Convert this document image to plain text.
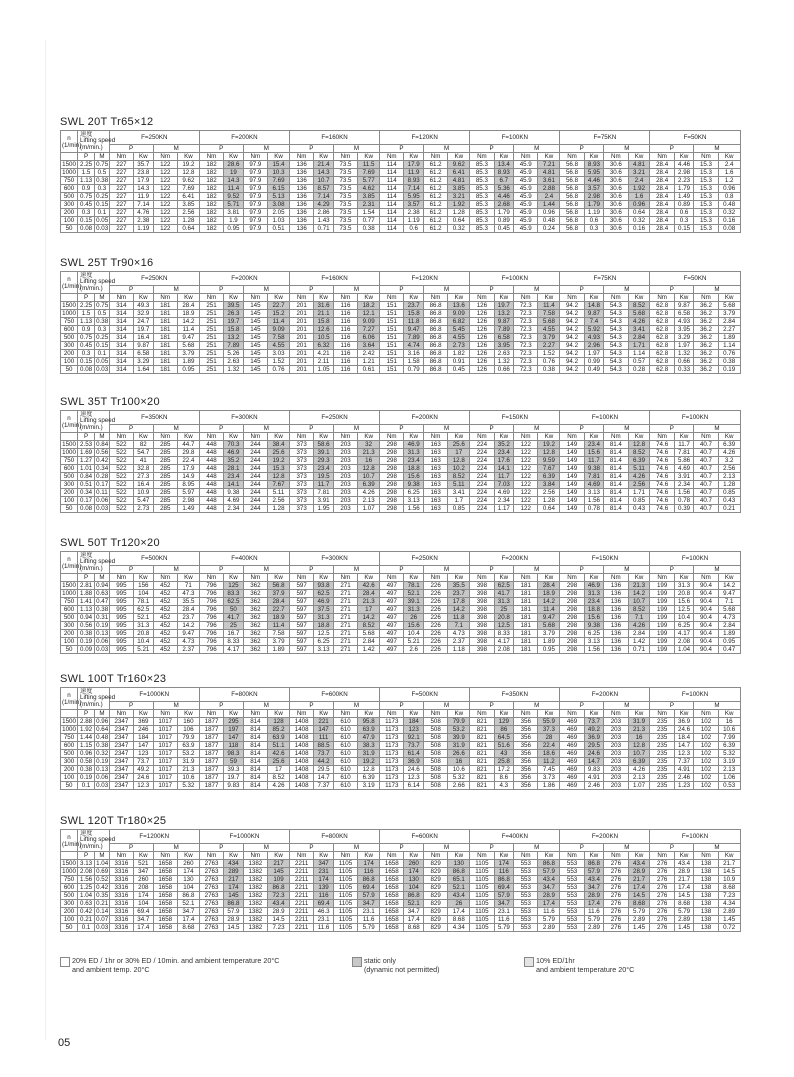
SWL 20T Tr65×12
n
(1/min)	速度
Lifting speed
(m/min.)		F=250KN				F=200KN				F=160KN				F=120KN				F=100KN				F=75KN				F=50KN			
			P		M		P		M		P		M		P		M		P		M		P		M		P		M	
	P	M	Nm	Kw	Nm	Kw	Nm	Kw	Nm	Kw	Nm	Kw	Nm	Kw	Nm	Kw	Nm	Kw	Nm	Kw	Nm	Kw	Nm	Kw	Nm	Kw	Nm	Kw	Nm	Kw
1500	2.25	0.75	227	35.7	122	19.2	182	28.6	97.9	15.4	136	21.4	73.5	11.5	114	17.9	61.2	9.62	85.3	13.4	45.9	7.21	56.8	8.93	30.6	4.81	28.4	4.46	15.3	2.4
1000	1.5	0.5	227	23.8	122	12.8	182	19	97.9	10.3	136	14.3	73.5	7.69	114	11.9	61.2	6.41	85.3	8.93	45.9	4.81	56.8	5.95	30.6	3.21	28.4	2.98	15.3	1.6
750	1.13	0.38	227	17.9	122	9.62	182	14.3	97.9	7.69	136	10.7	73.5	5.77	114	8.93	61.2	4.81	85.3	6.7	45.9	3.61	56.8	4.46	30.6	2.4	28.4	2.23	15.3	1.2
600	0.9	0.3	227	14.3	122	7.69	182	11.4	97.9	6.15	136	8.57	73.5	4.62	114	7.14	61.2	3.85	85.3	5.36	45.9	2.88	56.8	3.57	30.6	1.92	28.4	1.79	15.3	0.96
500	0.75	0.25	227	11.9	122	6.41	182	9.52	97.9	5.13	136	7.14	73.5	3.85	114	5.95	61.2	3.21	85.3	4.46	45.9	2.4	56.8	2.98	30.6	1.6	28.4	1.49	15.3	0.8
300	0.45	0.15	227	7.14	122	3.85	182	5.71	97.9	3.08	136	4.29	73.5	2.31	114	3.57	61.2	1.92	85.3	2.68	45.9	1.44	56.8	1.79	30.6	0.96	28.4	0.89	15.3	0.48
200	0.3	0.1	227	4.76	122	2.56	182	3.81	97.9	2.05	136	2.86	73.5	1.54	114	2.38	61.2	1.28	85.3	1.79	45.9	0.96	56.8	1.19	30.6	0.64	28.4	0.6	15.3	0.32
100	0.15	0.05	227	2.38	122	1.28	182	1.9	97.9	1.03	136	1.43	73.5	0.77	114	1.19	61.2	0.64	85.3	0.89	45.9	0.48	56.8	0.6	30.6	0.32	28.4	0.3	15.3	0.16
50	0.08	0.03	227	1.19	122	0.64	182	0.95	97.9	0.51	136	0.71	73.5	0.38	114	0.6	61.2	0.32	85.3	0.45	45.9	0.24	56.8	0.3	30.6	0.16	28.4	0.15	15.3	0.08
SWL 25T Tr90×16
n
(1/min)	速度
Lifting speed
(m/min.)		F=250KN				F=200KN				F=160KN				F=120KN				F=100KN				F=75KN				F=50KN			
			P		M		P		M		P		M		P		M		P		M		P		M		P		M	
	P	M	Nm	Kw	Nm	Kw	Nm	Kw	Nm	Kw	Nm	Kw	Nm	Kw	Nm	Kw	Nm	Kw	Nm	Kw	Nm	Kw	Nm	Kw	Nm	Kw	Nm	Kw	Nm	Kw
1500	2.25	0.75	314	49.3	181	28.4	251	39.5	145	22.7	201	31.6	116	18.2	151	23.7	86.8	13.6	126	19.7	72.3	11.4	94.2	14.8	54.3	8.52	62.8	9.87	36.2	5.68
1000	1.5	0.5	314	32.9	181	18.9	251	26.3	145	15.2	201	21.1	116	12.1	151	15.8	86.8	9.09	126	13.2	72.3	7.58	94.2	9.87	54.3	5.68	62.8	6.58	36.2	3.79
750	1.13	0.38	314	24.7	181	14.2	251	19.7	145	11.4	201	15.8	116	9.09	151	11.8	86.8	6.82	126	9.87	72.3	5.68	94.2	7.4	54.3	4.26	62.8	4.93	36.2	2.84
600	0.9	0.3	314	19.7	181	11.4	251	15.8	145	9.09	201	12.6	116	7.27	151	9.47	86.8	5.45	126	7.89	72.3	4.55	94.2	5.92	54.3	3.41	62.8	3.95	36.2	2.27
500	0.75	0.25	314	16.4	181	9.47	251	13.2	145	7.58	201	10.5	116	6.06	151	7.89	86.8	4.55	126	6.58	72.3	3.79	94.2	4.93	54.3	2.84	62.8	3.29	36.2	1.89
300	0.45	0.15	314	9.87	181	5.68	251	7.89	145	4.55	201	6.32	116	3.64	151	4.74	86.8	2.73	126	3.95	72.3	2.27	94.2	2.96	54.3	1.71	62.8	1.97	36.2	1.14
200	0.3	0.1	314	6.58	181	3.79	251	5.26	145	3.03	201	4.21	116	2.42	151	3.16	86.8	1.82	126	2.63	72.3	1.52	94.2	1.97	54.3	1.14	62.8	1.32	36.2	0.76
100	0.15	0.05	314	3.29	181	1.89	251	2.63	145	1.52	201	2.11	116	1.21	151	1.58	86.8	0.91	126	1.32	72.3	0.76	94.2	0.99	54.3	0.57	62.8	0.66	36.2	0.38
50	0.08	0.03	314	1.64	181	0.95	251	1.32	145	0.76	201	1.05	116	0.61	151	0.79	86.8	0.45	126	0.66	72.3	0.38	94.2	0.49	54.3	0.28	62.8	0.33	36.2	0.19
SWL 35T Tr100×20
n
(1/min)	速度
Lifting speed
(m/min.)		F=350KN				F=300KN				F=250KN				F=200KN				F=150KN				F=100KN				F=100KN			
			P		M		P		M		P		M		P		M		P		M		P		M		P		M	
	P	M	Nm	Kw	Nm	Kw	Nm	Kw	Nm	Kw	Nm	Kw	Nm	Kw	Nm	Kw	Nm	Kw	Nm	Kw	Nm	Kw	Nm	Kw	Nm	Kw	Nm	Kw	Nm	Kw
1500	2.53	0.84	522	82	285	44.7	448	70.3	244	38.4	373	58.6	203	32	298	46.9	163	25.6	224	35.2	122	19.2	149	23.4	81.4	12.8	74.6	11.7	40.7	6.39
1000	1.69	0.56	522	54.7	285	29.8	448	46.9	244	25.6	373	39.1	203	21.3	298	31.3	163	17	224	23.4	122	12.8	149	15.6	81.4	8.52	74.6	7.81	40.7	4.26
750	1.27	0.42	522	41	285	22.4	448	35.2	244	19.2	373	29.3	203	16	298	23.4	163	12.8	224	17.6	122	9.59	149	11.7	81.4	6.39	74.6	5.86	40.7	3.2
600	1.01	0.34	522	32.8	285	17.9	448	28.1	244	15.3	373	23.4	203	12.8	298	18.8	163	10.2	224	14.1	122	7.67	149	9.38	81.4	5.11	74.6	4.69	40.7	2.56
500	0.84	0.28	522	27.3	285	14.9	448	23.4	244	12.8	373	19.5	203	10.7	298	15.6	163	8.52	224	11.7	122	6.39	149	7.81	81.4	4.26	74.6	3.91	40.7	2.13
300	0.51	0.17	522	16.4	285	8.95	448	14.1	244	7.67	373	11.7	203	6.39	298	9.38	163	5.11	224	7.03	122	3.84	149	4.69	81.4	2.56	74.6	2.34	40.7	1.28
200	0.34	0.11	522	10.9	285	5.97	448	9.38	244	5.11	373	7.81	203	4.26	298	6.25	163	3.41	224	4.69	122	2.56	149	3.13	81.4	1.71	74.6	1.56	40.7	0.85
100	0.17	0.06	522	5.47	285	2.98	448	4.69	244	2.56	373	3.91	203	2.13	298	3.13	163	1.7	224	2.34	122	1.28	149	1.56	81.4	0.85	74.6	0.78	40.7	0.43
50	0.08	0.03	522	2.73	285	1.49	448	2.34	244	1.28	373	1.95	203	1.07	298	1.56	163	0.85	224	1.17	122	0.64	149	0.78	81.4	0.43	74.6	0.39	40.7	0.21
SWL 50T Tr120×20
n
(1/min)	速度
Lifting speed
(m/min.)		F=500KN				F=400KN				F=300KN				F=250KN				F=200KN				F=150KN				F=100KN			
			P		M		P		M		P		M		P		M		P		M		P		M		P		M	
	P	M	Nm	Kw	Nm	Kw	Nm	Kw	Nm	Kw	Nm	Kw	Nm	Kw	Nm	Kw	Nm	Kw	Nm	Kw	Nm	Kw	Nm	Kw	Nm	Kw	Nm	Kw	Nm	Kw
1500	2.81	0.94	995	156	452	71	796	125	362	56.8	597	93.8	271	42.6	497	78.1	226	35.5	398	62.5	181	28.4	298	46.9	136	21.3	199	31.3	90.4	14.2
1000	1.88	0.63	995	104	452	47.3	796	83.3	362	37.9	597	62.5	271	28.4	497	52.1	226	23.7	398	41.7	181	18.9	298	31.3	136	14.2	199	20.8	90.4	9.47
750	1.41	0.47	995	78.1	452	35.5	796	62.5	362	28.4	597	46.9	271	21.3	497	39.1	226	17.8	398	31.3	181	14.2	298	23.4	136	10.7	199	15.6	90.4	7.1
600	1.13	0.38	995	62.5	452	28.4	796	50	362	22.7	597	37.5	271	17	497	31.3	226	14.2	398	25	181	11.4	298	18.8	136	8.52	199	12.5	90.4	5.68
500	0.94	0.31	995	52.1	452	23.7	796	41.7	362	18.9	597	31.3	271	14.2	497	26	226	11.8	398	20.8	181	9.47	298	15.6	136	7.1	199	10.4	90.4	4.73
300	0.56	0.19	995	31.3	452	14.2	796	25	362	11.4	597	18.8	271	8.52	497	15.6	226	7.1	398	12.5	181	5.68	298	9.38	136	4.26	199	6.25	90.4	2.84
200	0.38	0.13	995	20.8	452	9.47	796	16.7	362	7.58	597	12.5	271	5.68	497	10.4	226	4.73	398	8.33	181	3.79	298	6.25	136	2.84	199	4.17	90.4	1.89
100	0.19	0.06	995	10.4	452	4.73	796	8.33	362	3.79	597	6.25	271	2.84	497	5.21	226	2.37	398	4.17	181	1.89	298	3.13	136	1.42	199	2.08	90.4	0.95
50	0.09	0.03	995	5.21	452	2.37	796	4.17	362	1.89	597	3.13	271	1.42	497	2.6	226	1.18	398	2.08	181	0.95	298	1.56	136	0.71	199	1.04	90.4	0.47
SWL 100T Tr160×23
n
(1/min)	速度
Lifting speed
(m/min.)		F=1000KN				F=800KN				F=600KN				F=500KN				F=350KN				F=200KN				F=100KN			
			P		M		P		M		P		M		P		M		P		M		P		M		P		M	
	P	M	Nm	Kw	Nm	Kw	Nm	Kw	Nm	Kw	Nm	Kw	Nm	Kw	Nm	Kw	Nm	Kw	Nm	Kw	Nm	Kw	Nm	Kw	Nm	Kw	Nm	Kw	Nm	Kw
1500	2.88	0.96	2347	369	1017	160	1877	295	814	128	1408	221	610	95.8	1173	184	508	79.9	821	129	356	55.9	469	73.7	203	31.9	235	36.9	102	16
1000	1.92	0.64	2347	246	1017	106	1877	197	814	85.2	1408	147	610	63.9	1173	123	508	53.2	821	86	356	37.3	469	49.2	203	21.3	235	24.6	102	10.6
750	1.44	0.48	2347	184	1017	79.9	1877	147	814	63.9	1408	111	610	47.9	1173	92.1	508	39.9	821	64.5	356	28	469	36.9	203	16	235	18.4	102	7.99
600	1.15	0.38	2347	147	1017	63.9	1877	118	814	51.1	1408	88.5	610	38.3	1173	73.7	508	31.9	821	51.6	356	22.4	469	29.5	203	12.8	235	14.7	102	6.39
500	0.96	0.32	2347	123	1017	53.2	1877	98.3	814	42.6	1408	73.7	610	31.9	1173	61.4	508	26.6	821	43	356	18.6	469	24.6	203	10.7	235	12.3	102	5.32
300	0.58	0.19	2347	73.7	1017	31.9	1877	59	814	25.6	1408	44.2	610	19.2	1173	36.9	508	16	821	25.8	356	11.2	469	14.7	203	6.39	235	7.37	102	3.19
200	0.38	0.13	2347	49.2	1017	21.3	1877	39.3	814	17	1408	29.5	610	12.8	1173	24.6	508	10.6	821	17.2	356	7.45	469	9.83	203	4.26	235	4.91	102	2.13
100	0.19	0.06	2347	24.6	1017	10.6	1877	19.7	814	8.52	1408	14.7	610	6.39	1173	12.3	508	5.32	821	8.6	356	3.73	469	4.91	203	2.13	235	2.46	102	1.06
50	0.1	0.03	2347	12.3	1017	5.32	1877	9.83	814	4.26	1408	7.37	610	3.19	1173	6.14	508	2.66	821	4.3	356	1.86	469	2.46	203	1.07	235	1.23	102	0.53
SWL 120T Tr180×25
n
(1/min)	速度
Lifting speed
(m/min.)		F=1200KN				F=1000KN				F=800KN				F=600KN				F=400KN				F=200KN				F=100KN			
			P		M		P		M		P		M		P		M		P		M		P		M		P		M	
	P	M	Nm	Kw	Nm	Kw	Nm	Kw	Nm	Kw	Nm	Kw	Nm	Kw	Nm	Kw	Nm	Kw	Nm	Kw	Nm	Kw	Nm	Kw	Nm	Kw	Nm	Kw	Nm	Kw
1500	3.13	1.04	3316	521	1658	260	2763	434	1382	217	2211	347	1105	174	1658	260	829	130	1105	174	553	86.8	553	86.8	276	43.4	276	43.4	138	21.7
1000	2.08	0.69	3316	347	1658	174	2763	289	1382	145	2211	231	1105	116	1658	174	829	86.8	1105	116	553	57.9	553	57.9	276	28.9	276	28.9	138	14.5
750	1.56	0.52	3316	260	1658	130	2763	217	1382	109	2211	174	1105	86.8	1658	130	829	65.1	1105	86.8	553	43.4	553	43.4	276	21.7	276	21.7	138	10.9
600	1.25	0.42	3316	208	1658	104	2763	174	1382	86.8	2211	139	1105	69.4	1658	104	829	52.1	1105	69.4	553	34.7	553	34.7	276	17.4	276	17.4	138	8.68
500	1.04	0.35	3316	174	1658	86.8	2763	145	1382	72.3	2211	116	1105	57.9	1658	86.8	829	43.4	1105	57.9	553	28.9	553	28.9	276	14.5	276	14.5	138	7.23
300	0.63	0.21	3316	104	1658	52.1	2763	86.8	1382	43.4	2211	69.4	1105	34.7	1658	52.1	829	26	1105	34.7	553	17.4	553	17.4	276	8.68	276	8.68	138	4.34
200	0.42	0.14	3316	69.4	1658	34.7	2763	57.9	1382	28.9	2211	46.3	1105	23.1	1658	34.7	829	17.4	1105	23.1	553	11.6	553	11.6	276	5.79	276	5.79	138	2.89
100	0.21	0.07	3316	34.7	1658	17.4	2763	28.9	1382	14.5	2211	23.1	1105	11.6	1658	17.4	829	8.68	1105	11.6	553	5.79	553	5.79	276	2.89	276	2.89	138	1.45
50	0.1	0.03	3316	17.4	1658	8.68	2763	14.5	1382	7.23	2211	11.6	1105	5.79	1658	8.68	829	4.34	1105	5.79	553	2.89	553	2.89	276	1.45	276	1.45	138	0.72
20% ED / 1hr or 30% ED / 10min. and ambient temperature 20°C
and ambient temp. 20°C
static only
(dynamic not permitted)
10% ED/1hr
and ambient temperature 20°C
05
